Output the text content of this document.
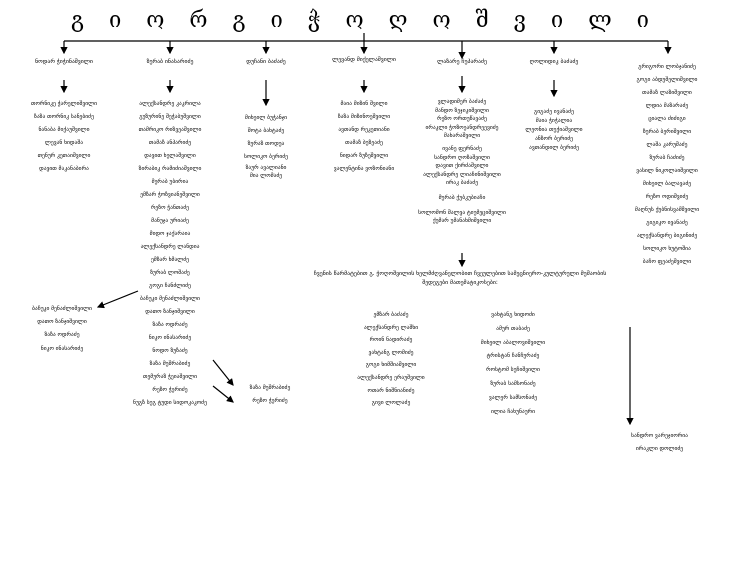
გ ი ო რ გ ი ჭ ო ღ ო შ ვ ი ლ ი
ნოდარ ჭიჭინაშვილი
თორნიკე ჭარელიშვილი
ზაზა თორნიკ სანებიძე
ნანაბა მიქაუშვილი
ლევან ხიდაშა
თენურ კეთაიშვილი
დავით მაკანაბირა
ზურაბ ინასარიძე
ალექსანდრე კაკრილა
გუზურინე შეჭაბუშვილი
თამრიკო რიზვეაშვილი
თამაზ ანპარიძე
დავით ხელაშვილი
ზირაბიკ რამიძიაშვილი
მერაბ უბირია
ემზარ ჭოზვიანეშვილი
რეზო ჭანთაძე
მანუჯა ურიაძე
მიდო ჯაქარაია
ალექსანდრე ლანდია
ემზარ ხმალძე
ზურაბ ლოშაძე
გოგი ჩანძლიძე
ბაჩუკი მენაძლიშვილი
დათო ზანჯიშვილი
ზაზა ოდრაძე
ნიკო ინასარიძე
ნოდო ზუზაძე
ზაზა მუშრაბიძე
თემურაზ ჭეიაშვილი
რეზო ჭერიძე
ნუგზ სუგ ტუდი სიდოკაკოძე
ბაჩუკი მენაძლიშვილი
დათო ზანჯიშვილი
ზაზა ოდრაძე
ნიკო ინასარიძე
ზაზა მუშრაბიძე
რეზო ჭერიძე
დუჩანი ბაძაძე
მიხეილ ბუჭანჯი
შოტა ბახტაძე
ზურაზ თოდუა
სოლიკო ბერიძე
ზაურ ავალიანი
მია ლომაძე
ლევანდ მიქელაშვილი
მაია მიზინ შვილი
ზაზა მიზინოეშვილი
ავთანდ რეკეთიანი
თამაზ ბუზეაძე
ნიდარ ზუზეშვილი
ვალენტინა ვოზონიანი
ლაზარე ჩუპარაძე
ვლადიმერ ბაძაძე
მანდო ზეჯიკიშვილი
რეზო ორთუწავაძე
ირაკლი ჭოზოეანდრეევიძე
მახარაშვილი
ივანე ფერნაძე
სანდრო ღოზაშვილი
დავით ქირძაშვილი
ალექსანდრე ლიაჩინიშვილი
ირაკ ბაძაძე
მურაბ ქუბკუბიაჩი
სოლომონ შალვა ტიუმეციშვილი
ქუმარ უმანახმიშვილი
ღოლიდიკ ბაძაძე
გიგაძე ივანაძე
მაია ჭიჭალია
ლეონია თუქიაშვილი
ანზორ ბერიძე
ავთანდილ ბერიძე
გრიგორი ლობჯანიძე
გოგი აბდუშელიშვილი
თამაზ ლაზიშვილი
ლდია მაზარაძე
ციალა ძიძიგი
ზურაბ ბერიშვილი
ლაშა კარუშაძე
ზურაბ ჩაძიძე
ვასილ ნიკოლაიშვილი
მიხეილ ბალავაძე
რეზო ოდიშვიძე
მაღნუს ქუბნისვამშვილი
გიგიკო ივანაძე
ალექსანდრე ბიგინიძე
სოლიკო ხუტოშია
ბაჩო ფეაძეშვილი
სანდრო ვარეჯიორია
ირაკლი დოლიძე
ჩვენის წარმატებით გ. ჭოღოშვილის ხელმძღვანელობით ჩვეულებით სამეცნიერო-კულტურული მუშაობის შედეგები მათემატიკოსები:
ემზარ ბაძაძე
ალექსანდრე ლაშხი
როინ ნადირაძე
ვახტანგ ლომიძე
გოგი ხიმშიაშვილი
ალექსანდრე ერაუშვილი
ოთარ ნიშნიანიძე
გივი ლოლაძე
ვახტანგ ხიდოძი
ამურ თაბაძე
მიხეილ აბალოვიშვილი
ტრისტან ჩანჩურაძე
როსტომ სუჩიშვილი
ზურაბ სამსონაძე
ვალერ სამსონაძე
ილია ჩახუნაური
